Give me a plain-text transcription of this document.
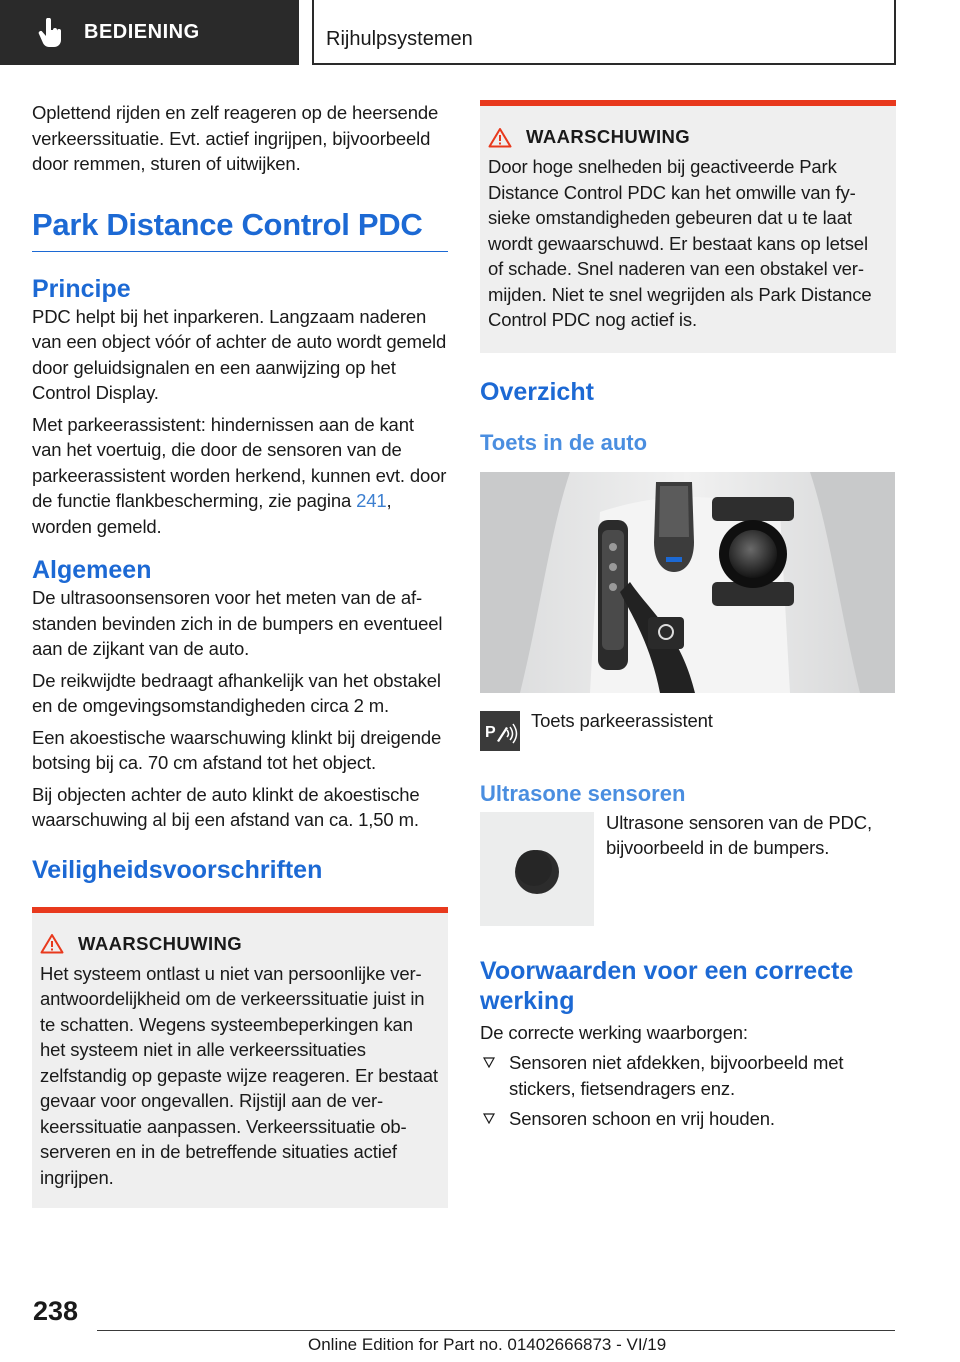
BEDIENING	Rijhulpsystemen

Oplettend rijden en zelf reageren op de heersende verkeerssituatie. Evt. actief ingrijpen, bijvoorbeeld door remmen, sturen of uitwijken.

Park Distance Control PDC
Principe

PDC helpt bij het inparkeren. Langzaam naderen van een object vóór of achter de auto wordt gemeld door geluidsignalen en een aanwijzing op het Control Display.

Met parkeerassistent: hindernissen aan de kant van het voertuig, die door de sensoren van de parkeerassistent worden herkend, kunnen evt. door de functie flankbescherming, zie pagina 241, worden gemeld.

Algemeen

De ultrasoonsensoren voor het meten van de afstanden bevinden zich in de bumpers en eventueel aan de zijkant van de auto.

De reikwijdte bedraagt afhankelijk van het obstakel en de omgevingsomstandigheden circa 2 m.

Een akoestische waarschuwing klinkt bij dreigende botsing bij ca. 70 cm afstand tot het object.

Bij objecten achter de auto klinkt de akoestische waarschuwing al bij een afstand van ca. 1,50 m.

Veiligheidsvoorschriften
WAARSCHUWING

Het systeem ontlast u niet van persoonlijke verantwoordelijkheid om de verkeerssituatie juist in te schatten. Wegens systeembeperkingen kan het systeem niet in alle verkeerssituaties zelfstandig op gepaste wijze reageren. Er bestaat gevaar voor ongevallen. Rijstijl aan de verkeerssituatie aanpassen. Verkeerssituatie observeren en in de betreffende situaties actief ingrijpen.

WAARSCHUWING

Door hoge snelheden bij geactiveerde Park Distance Control PDC kan het omwille van fysieke omstandigheden gebeuren dat u te laat wordt gewaarschuwd. Er bestaat kans op letsel of schade. Snel naderen van een obstakel vermijden. Niet te snel wegrijden als Park Distance Control PDC nog actief is.

Overzicht
Toets in de auto
P

Toets parkeerassistent

Ultrasone sensoren

Ultrasone sensoren van de PDC, bijvoorbeeld in de bumpers.

Voorwaarden voor een correcte werking

De correcte werking waarborgen:

Sensoren niet afdekken, bijvoorbeeld met stickers, fietsendragers enz.

Sensoren schoon en vrij houden.

238
Online Edition for Part no. 01402666873 - VI/19
